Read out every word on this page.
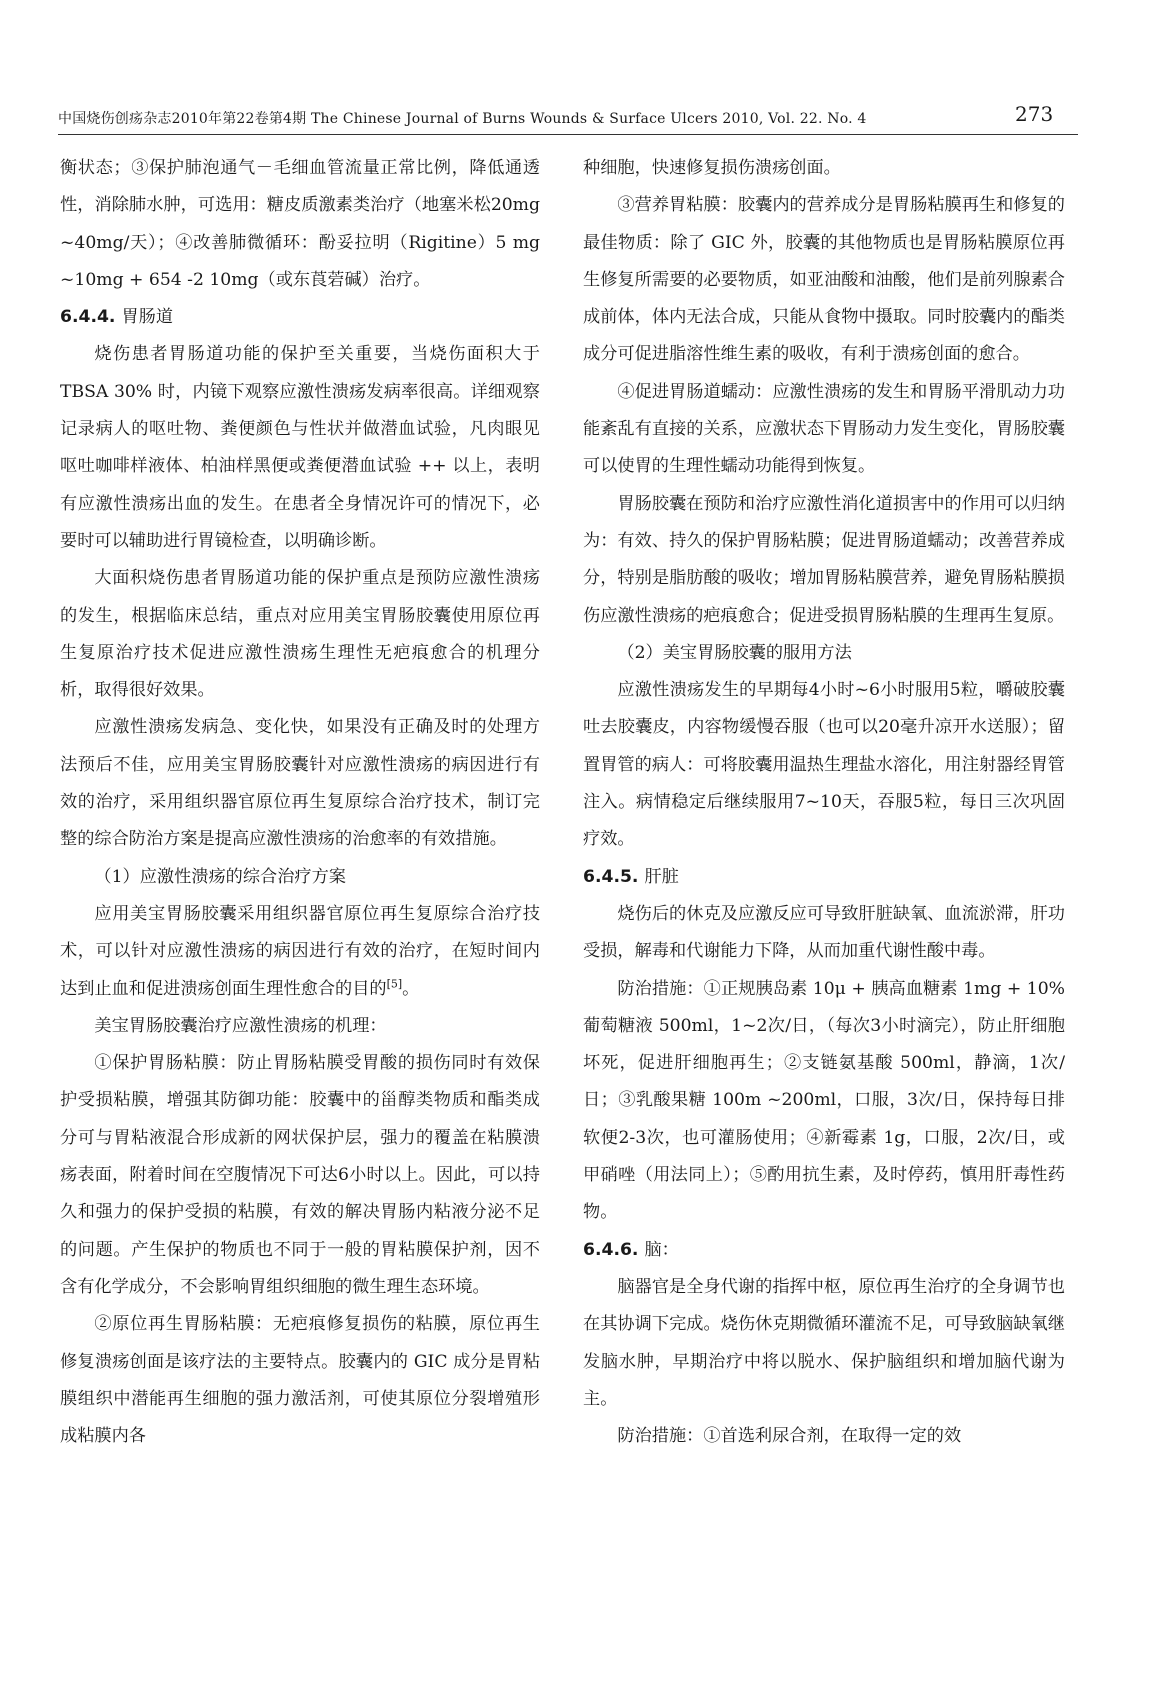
中国烧伤创疡杂志2010年第22卷第4期 The Chinese Journal of Burns Wounds & Surface Ulcers 2010, Vol. 22. No. 4	273

衡状态；③保护肺泡通气－毛细血管流量正常比例，降低通透性，消除肺水肿，可选用：糖皮质激素类治疗（地塞米松20mg ~40mg/天）；④改善肺微循环：酚妥拉明（Rigitine）5 mg ~10mg + 654 -2 10mg（或东莨菪碱）治疗。

6.4.4. 胃肠道

烧伤患者胃肠道功能的保护至关重要，当烧伤面积大于 TBSA 30% 时，内镜下观察应激性溃疡发病率很高。详细观察记录病人的呕吐物、粪便颜色与性状并做潜血试验，凡肉眼见呕吐咖啡样液体、柏油样黑便或粪便潜血试验 ++ 以上，表明有应激性溃疡出血的发生。在患者全身情况许可的情况下，必要时可以辅助进行胃镜检查，以明确诊断。

大面积烧伤患者胃肠道功能的保护重点是预防应激性溃疡的发生，根据临床总结，重点对应用美宝胃肠胶囊使用原位再生复原治疗技术促进应激性溃疡生理性无疤痕愈合的机理分析，取得很好效果。

应激性溃疡发病急、变化快，如果没有正确及时的处理方法预后不佳，应用美宝胃肠胶囊针对应激性溃疡的病因进行有效的治疗，采用组织器官原位再生复原综合治疗技术，制订完整的综合防治方案是提高应激性溃疡的治愈率的有效措施。

（1）应激性溃疡的综合治疗方案

应用美宝胃肠胶囊采用组织器官原位再生复原综合治疗技术，可以针对应激性溃疡的病因进行有效的治疗，在短时间内达到止血和促进溃疡创面生理性愈合的目的[5]。

美宝胃肠胶囊治疗应激性溃疡的机理：

①保护胃肠粘膜：防止胃肠粘膜受胃酸的损伤同时有效保护受损粘膜，增强其防御功能：胶囊中的甾醇类物质和酯类成分可与胃粘液混合形成新的网状保护层，强力的覆盖在粘膜溃疡表面，附着时间在空腹情况下可达6小时以上。因此，可以持久和强力的保护受损的粘膜，有效的解决胃肠内粘液分泌不足的问题。产生保护的物质也不同于一般的胃粘膜保护剂，因不含有化学成分，不会影响胃组织细胞的微生理生态环境。

②原位再生胃肠粘膜：无疤痕修复损伤的粘膜，原位再生修复溃疡创面是该疗法的主要特点。胶囊内的 GIC 成分是胃粘膜组织中潜能再生细胞的强力激活剂，可使其原位分裂增殖形成粘膜内各

种细胞，快速修复损伤溃疡创面。

③营养胃粘膜：胶囊内的营养成分是胃肠粘膜再生和修复的最佳物质：除了 GIC 外，胶囊的其他物质也是胃肠粘膜原位再生修复所需要的必要物质，如亚油酸和油酸，他们是前列腺素合成前体，体内无法合成，只能从食物中摄取。同时胶囊内的酯类成分可促进脂溶性维生素的吸收，有利于溃疡创面的愈合。

④促进胃肠道蠕动：应激性溃疡的发生和胃肠平滑肌动力功能紊乱有直接的关系，应激状态下胃肠动力发生变化，胃肠胶囊可以使胃的生理性蠕动功能得到恢复。

胃肠胶囊在预防和治疗应激性消化道损害中的作用可以归纳为：有效、持久的保护胃肠粘膜；促进胃肠道蠕动；改善营养成分，特别是脂肪酸的吸收；增加胃肠粘膜营养，避免胃肠粘膜损伤应激性溃疡的疤痕愈合；促进受损胃肠粘膜的生理再生复原。

（2）美宝胃肠胶囊的服用方法

应激性溃疡发生的早期每4小时~6小时服用5粒，嚼破胶囊吐去胶囊皮，内容物缓慢吞服（也可以20毫升凉开水送服）；留置胃管的病人：可将胶囊用温热生理盐水溶化，用注射器经胃管注入。病情稳定后继续服用7~10天，吞服5粒，每日三次巩固疗效。

6.4.5. 肝脏

烧伤后的休克及应激反应可导致肝脏缺氧、血流淤滞，肝功受损，解毒和代谢能力下降，从而加重代谢性酸中毒。

防治措施：①正规胰岛素 10μ + 胰高血糖素 1mg + 10% 葡萄糖液 500ml，1~2次/日，（每次3小时滴完），防止肝细胞坏死，促进肝细胞再生；②支链氨基酸 500ml，静滴，1次/日；③乳酸果糖 100m ~200ml，口服，3次/日，保持每日排软便2-3次，也可灌肠使用；④新霉素 1g，口服，2次/日，或甲硝唑（用法同上）；⑤酌用抗生素，及时停药，慎用肝毒性药物。

6.4.6. 脑：

脑器官是全身代谢的指挥中枢，原位再生治疗的全身调节也在其协调下完成。烧伤休克期微循环灌流不足，可导致脑缺氧继发脑水肿，早期治疗中将以脱水、保护脑组织和增加脑代谢为主。

防治措施：①首选利尿合剂，在取得一定的效
